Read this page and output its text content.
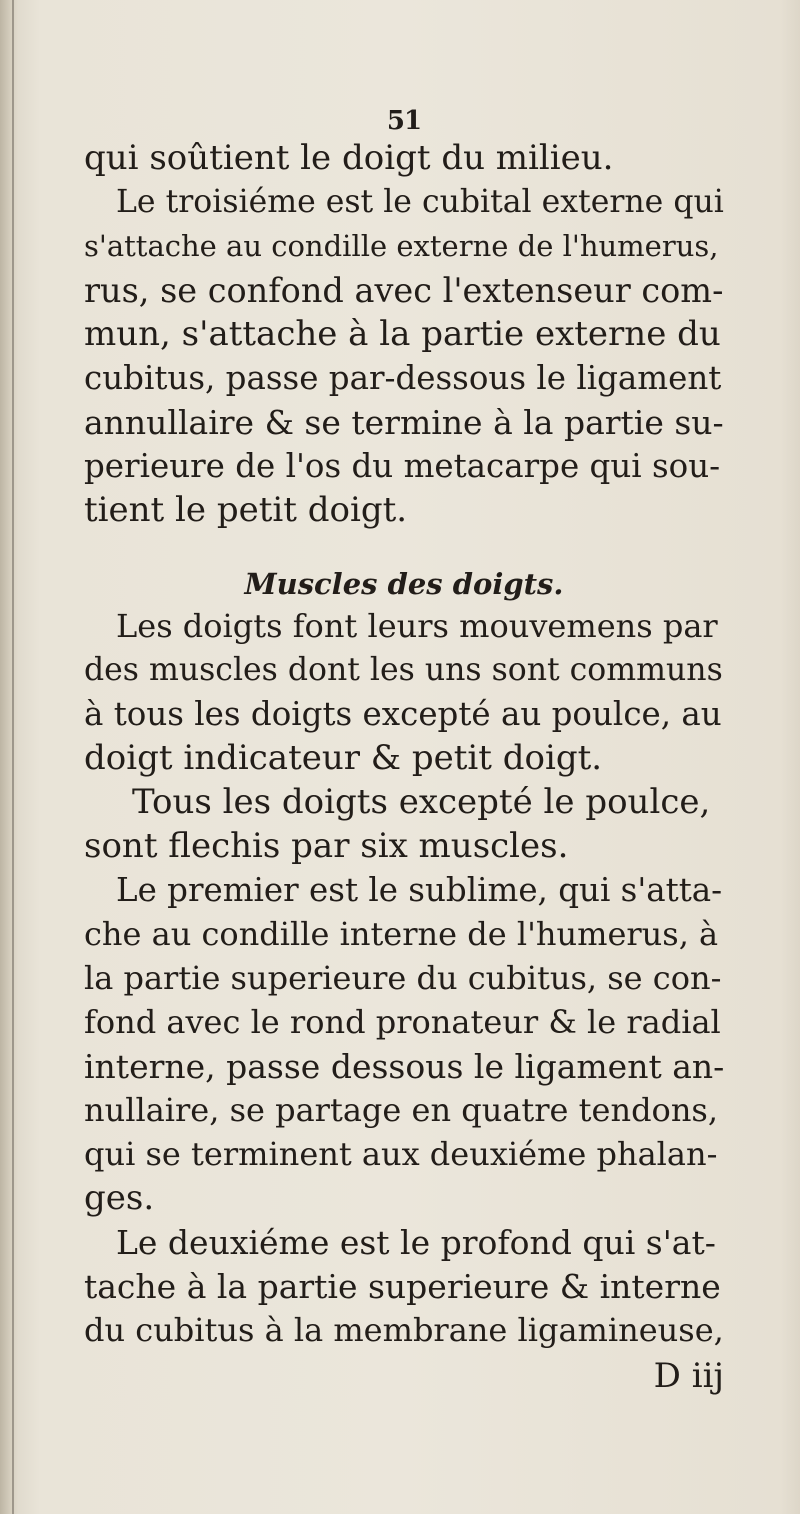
51
qui soûtient le doigt du milieu.
Le troisiéme est le cubital externe qui
s'attache au condille externe de l'humerus,
rus, se confond avec l'extenseur com-
mun, s'attache à la partie externe du
cubitus, passe par-dessous le ligament
annullaire & se termine à la partie su-
perieure de l'os du metacarpe qui sou-
tient le petit doigt.
Muscles des doigts.
Les doigts font leurs mouvemens par
des muscles dont les uns sont communs
à tous les doigts excepté au poulce, au
doigt indicateur & petit doigt.
Tous les doigts excepté le poulce,
sont flechis par six muscles.
Le premier est le sublime, qui s'atta-
che au condille interne de l'humerus, à
la partie superieure du cubitus, se con-
fond avec le rond pronateur & le radial
interne, passe dessous le ligament an-
nullaire, se partage en quatre tendons,
qui se terminent aux deuxiéme phalan-
ges.
Le deuxiéme est le profond qui s'at-
tache à la partie superieure & interne
du cubitus à la membrane ligamineuse,
D iij
